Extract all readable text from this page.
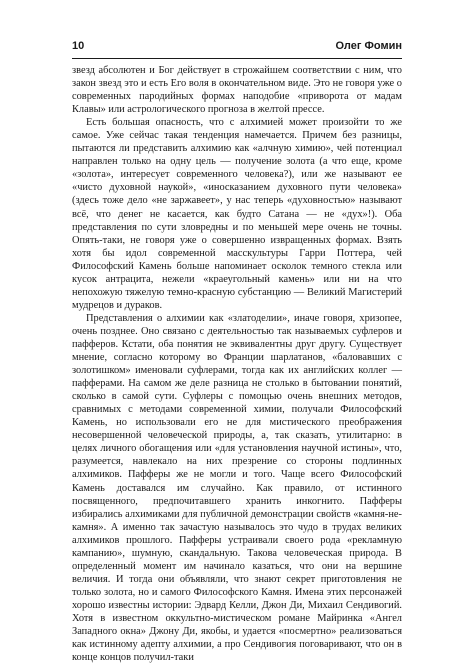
10	Олег Фомин

звезд абсолютен и Бог действует в строжайшем соответствии с ним, что закон звезд это и есть Его воля в окончательном виде. Это не говоря уже о современных пародийных формах наподобие «приворота от мадам Клавы» или астрологического прогноза в желтой прессе.

Есть большая опасность, что с алхимией может произойти то же самое. Уже сейчас такая тенденция намечается. Причем без разницы, пытаются ли представить алхимию как «алчную химию», чей потенциал направлен только на одну цель — получение золота (а что еще, кроме «золота», интересует современного человека?), или же называют ее «чисто духовной наукой», «иносказанием духовного пути человека» (здесь тоже дело «не заржавеет», у нас теперь «духовностью» называют всё, что денег не касается, как будто Сатана — не «дух»!). Оба представления по сути зловредны и по меньшей мере очень не точны. Опять-таки, не говоря уже о совершенно извращенных формах. Взять хотя бы идол современной масскультуры Гарри Поттера, чей Философский Камень больше напоминает осколок темного стекла или кусок антрацита, нежели «краеугольный камень» или ни на что непохожую тяжелую темно-красную субстанцию — Великий Магистерий мудрецов и дураков.

Представления о алхимии как «златоделии», иначе говоря, хризопее, очень позднее. Оно связано с деятельностью так называемых суфлеров и пафферов. Кстати, оба понятия не эквивалентны друг другу. Существует мнение, согласно которому во Франции шарлатанов, «баловавших с золотишком» именовали суфлерами, тогда как их английских коллег — пафферами. На самом же деле разница не столько в бытовании понятий, сколько в самой сути. Суфлеры с помощью очень внешних методов, сравнимых с методами современной химии, получали Философский Камень, но использовали его не для мистического преображения несовершенной человеческой природы, а, так сказать, утилитарно: в целях личного обогащения или «для установления научной истины», что, разумеется, навлекало на них презрение со стороны подлинных алхимиков. Пафферы же не могли и того. Чаще всего Философский Камень доставался им случайно. Как правило, от истинного посвященного, предпочитавшего хранить инкогнито. Пафферы избирались алхимиками для публичной демонстрации свойств «камня-не-камня». А именно так зачастую называлось это чудо в трудах великих алхимиков прошлого. Пафферы устраивали своего рода «рекламную кампанию», шумную, скандальную. Такова человеческая природа. В определенный момент им начинало казаться, что они на вершине величия. И тогда они объявляли, что знают секрет приготовления не только золота, но и самого Философского Камня. Имена этих персонажей хорошо известны истории: Эдвард Келли, Джон Ди, Михаил Сендивогий. Хотя в известном оккультно-мистическом романе Майринка «Ангел Западного окна» Джону Ди, якобы, и удается «посмертно» реализоваться как истинному адепту алхимии, а про Сендивогия поговаривают, что он в конце концов получил-таки
